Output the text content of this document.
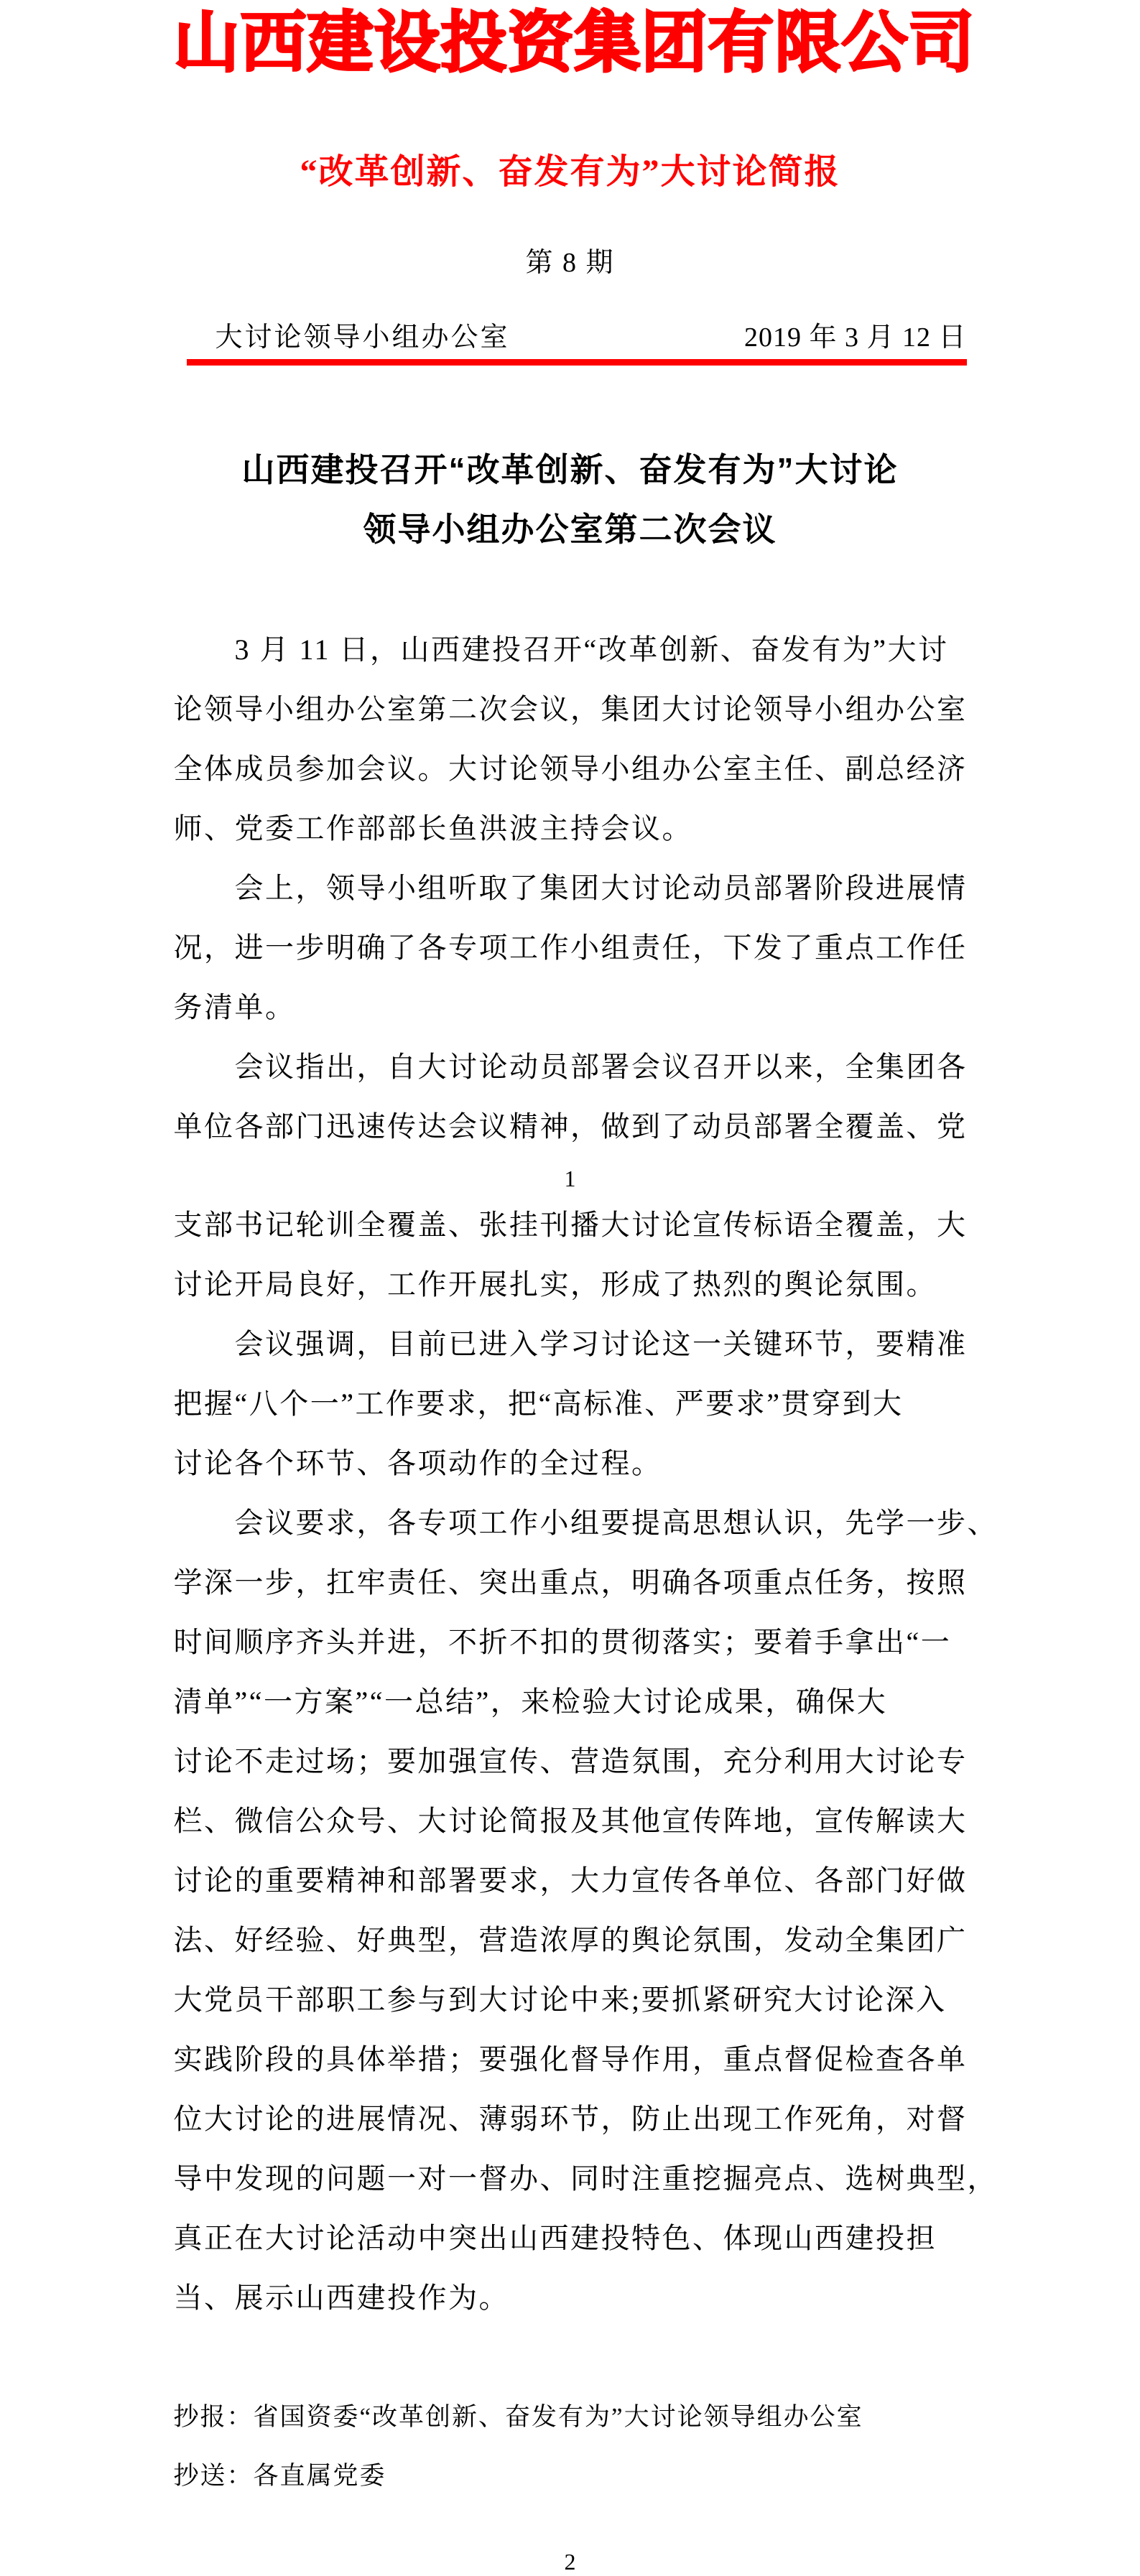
山西建设投资集团有限公司
“改革创新、奋发有为”大讨论简报
第 8 期
大讨论领导小组办公室	2019 年 3 月 12 日
山西建投召开“改革创新、奋发有为”大讨论
领导小组办公室第二次会议
3 月 11 日，山西建投召开“改革创新、奋发有为”大讨
论领导小组办公室第二次会议，集团大讨论领导小组办公室
全体成员参加会议。大讨论领导小组办公室主任、副总经济
师、党委工作部部长鱼洪波主持会议。
会上，领导小组听取了集团大讨论动员部署阶段进展情
况，进一步明确了各专项工作小组责任，下发了重点工作任
务清单。
会议指出，自大讨论动员部署会议召开以来，全集团各
单位各部门迅速传达会议精神，做到了动员部署全覆盖、党
1
支部书记轮训全覆盖、张挂刊播大讨论宣传标语全覆盖，大
讨论开局良好，工作开展扎实，形成了热烈的舆论氛围。
会议强调，目前已进入学习讨论这一关键环节，要精准
把握“八个一”工作要求，把“高标准、严要求”贯穿到大
讨论各个环节、各项动作的全过程。
会议要求，各专项工作小组要提高思想认识，先学一步、
学深一步，扛牢责任、突出重点，明确各项重点任务，按照
时间顺序齐头并进，不折不扣的贯彻落实；要着手拿出“一
清单”“一方案”“一总结”，来检验大讨论成果，确保大
讨论不走过场；要加强宣传、营造氛围，充分利用大讨论专
栏、微信公众号、大讨论简报及其他宣传阵地，宣传解读大
讨论的重要精神和部署要求，大力宣传各单位、各部门好做
法、好经验、好典型，营造浓厚的舆论氛围，发动全集团广
大党员干部职工参与到大讨论中来;要抓紧研究大讨论深入
实践阶段的具体举措；要强化督导作用，重点督促检查各单
位大讨论的进展情况、薄弱环节，防止出现工作死角，对督
导中发现的问题一对一督办、同时注重挖掘亮点、选树典型，
真正在大讨论活动中突出山西建投特色、体现山西建投担
当、展示山西建投作为。
抄报：省国资委“改革创新、奋发有为”大讨论领导组办公室
抄送：各直属党委
2
